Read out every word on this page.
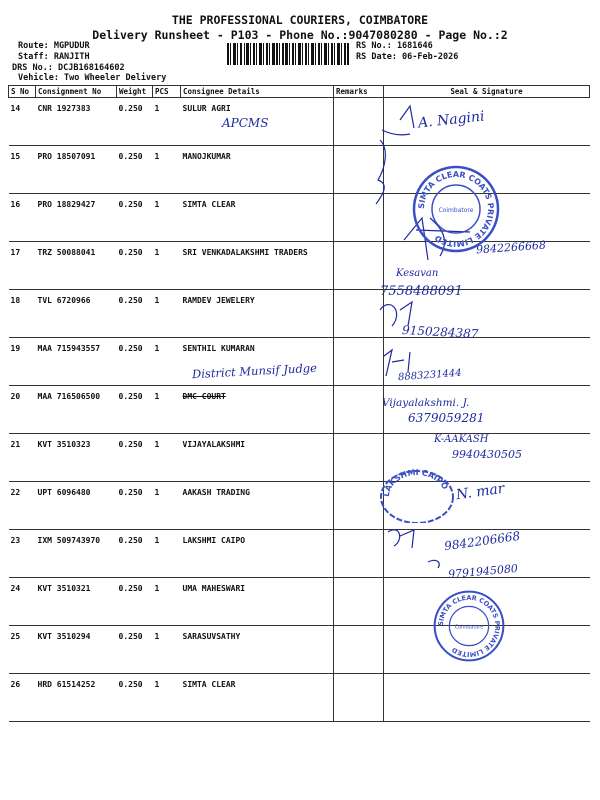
THE PROFESSIONAL COURIERS, COIMBATORE
Delivery Runsheet - P103 - Phone No.:9047080280 - Page No.:2
Route: MGPUDUR
Staff: RANJITH
DRS No.: DCJB168164602
Vehicle: Two Wheeler Delivery
RS No.: 1681646
RS Date: 06-Feb-2026
S No	Consignment No	Weight	PCS	Consignee Details	Remarks	Seal & Signature
14	CNR 1927383	0.250	1	SULUR AGRI		
15	PRO 18507091	0.250	1	MANOJKUMAR		
16	PRO 18829427	0.250	1	SIMTA CLEAR		
17	TRZ 50088041	0.250	1	SRI VENKADALAKSHMI TRADERS		
18	TVL 6720966	0.250	1	RAMDEV JEWELERY		
19	MAA 715943557	0.250	1	SENTHIL KUMARAN		
20	MAA 716506500	0.250	1	DMC COURT		
21	KVT 3510323	0.250	1	VIJAYALAKSHMI		
22	UPT 6096480	0.250	1	AAKASH TRADING		
23	IXM 509743970	0.250	1	LAKSHMI CAIPO		
24	KVT 3510321	0.250	1	UMA MAHESWARI		
25	KVT 3510294	0.250	1	SARASUVSATHY		
26	HRD 61514252	0.250	1	SIMTA CLEAR		
APCMS	A. Nagini
9842266668
Kesavan
7558488091
9150284387
District Munsif Judge	8883231444
Vijayalakshmi. J.
6379059281
K-AAKASH
9940430505
N. mar
9842206668
9791945080
SIMTA CLEAR COATS PRIVATE LIMITED
Coimbatore
SIMTA CLEAR COATS PRIVATE LIMITED
Coimbatore
LAKSHMI CAIPO
